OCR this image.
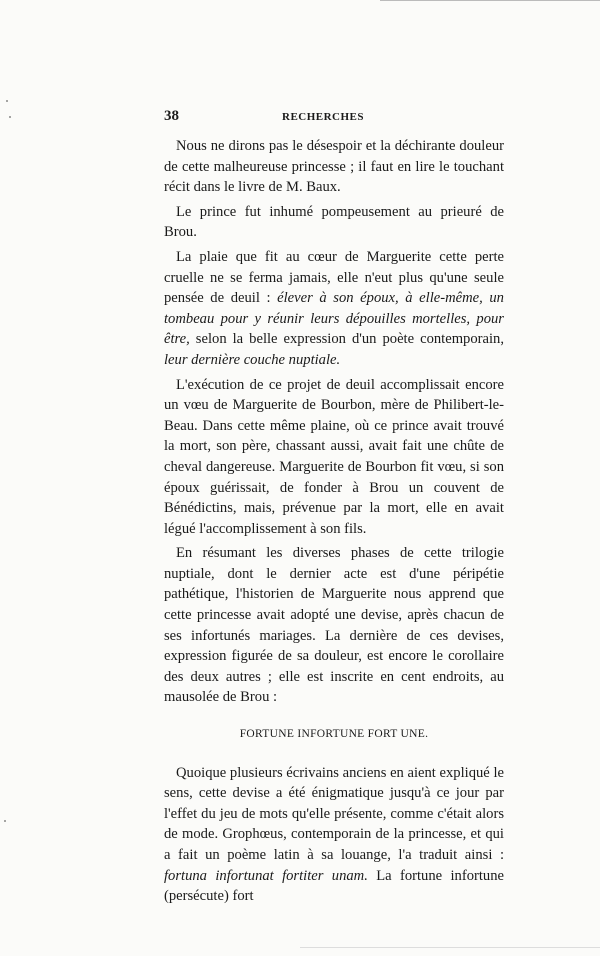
38	RECHERCHES

Nous ne dirons pas le désespoir et la déchirante douleur de cette malheureuse princesse ; il faut en lire le touchant récit dans le livre de M. Baux.

Le prince fut inhumé pompeusement au prieuré de Brou.

La plaie que fit au cœur de Marguerite cette perte cruelle ne se ferma jamais, elle n'eut plus qu'une seule pensée de deuil : élever à son époux, à elle-même, un tombeau pour y réunir leurs dépouilles mortelles, pour être, selon la belle expression d'un poète contemporain, leur dernière couche nuptiale.

L'exécution de ce projet de deuil accomplissait encore un vœu de Marguerite de Bourbon, mère de Philibert-le-Beau. Dans cette même plaine, où ce prince avait trouvé la mort, son père, chassant aussi, avait fait une chûte de cheval dangereuse. Marguerite de Bourbon fit vœu, si son époux guérissait, de fonder à Brou un couvent de Bénédictins, mais, prévenue par la mort, elle en avait légué l'accomplissement à son fils.

En résumant les diverses phases de cette trilogie nuptiale, dont le dernier acte est d'une péripétie pathétique, l'historien de Marguerite nous apprend que cette princesse avait adopté une devise, après chacun de ses infortunés mariages. La dernière de ces devises, expression figurée de sa douleur, est encore le corollaire des deux autres ; elle est inscrite en cent endroits, au mausolée de Brou :

FORTUNE INFORTUNE FORT UNE.

Quoique plusieurs écrivains anciens en aient expliqué le sens, cette devise a été énigmatique jusqu'à ce jour par l'effet du jeu de mots qu'elle présente, comme c'était alors de mode. Grophœus, contemporain de la princesse, et qui a fait un poème latin à sa louange, l'a traduit ainsi : fortuna infortunat fortiter unam. La fortune infortune (persécute) fort
